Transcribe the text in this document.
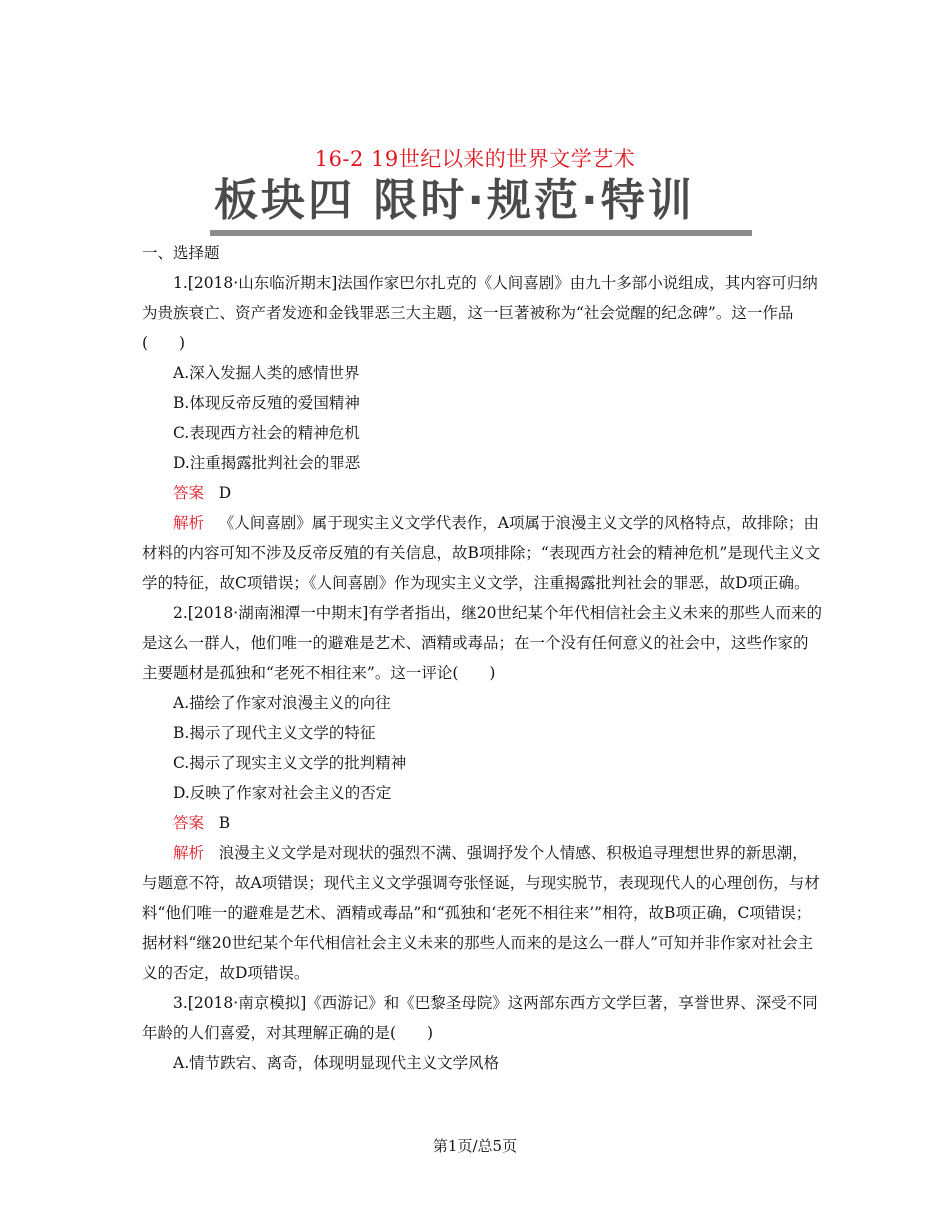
16-2 19世纪以来的世界文学艺术
板块四 限时·规范·特训

一、选择题

1.[2018·山东临沂期末]法国作家巴尔扎克的《人间喜剧》由九十多部小说组成，其内容可归纳为贵族衰亡、资产者发迹和金钱罪恶三大主题，这一巨著被称为“社会觉醒的纪念碑”。这一作品(　　)

A.深入发掘人类的感情世界

B.体现反帝反殖的爱国精神

C.表现西方社会的精神危机

D.注重揭露批判社会的罪恶

答案 D

解析 《人间喜剧》属于现实主义文学代表作，A项属于浪漫主义文学的风格特点，故排除；由材料的内容可知不涉及反帝反殖的有关信息，故B项排除；“表现西方社会的精神危机”是现代主义文学的特征，故C项错误；《人间喜剧》作为现实主义文学，注重揭露批判社会的罪恶，故D项正确。

2.[2018·湖南湘潭一中期末]有学者指出，继20世纪某个年代相信社会主义未来的那些人而来的是这么一群人，他们唯一的避难是艺术、酒精或毒品；在一个没有任何意义的社会中，这些作家的主要题材是孤独和“老死不相往来”。这一评论(　　)

A.描绘了作家对浪漫主义的向往

B.揭示了现代主义文学的特征

C.揭示了现实主义文学的批判精神

D.反映了作家对社会主义的否定

答案 B

解析 浪漫主义文学是对现状的强烈不满、强调抒发个人情感、积极追寻理想世界的新思潮，与题意不符，故A项错误；现代主义文学强调夸张怪诞，与现实脱节，表现现代人的心理创伤，与材料“他们唯一的避难是艺术、酒精或毒品”和“孤独和‘老死不相往来’”相符，故B项正确，C项错误；据材料“继20世纪某个年代相信社会主义未来的那些人而来的是这么一群人”可知并非作家对社会主义的否定，故D项错误。

3.[2018·南京模拟]《西游记》和《巴黎圣母院》这两部东西方文学巨著，享誉世界、深受不同年龄的人们喜爱，对其理解正确的是(　　)

A.情节跌宕、离奇，体现明显现代主义文学风格

第1页/总5页
